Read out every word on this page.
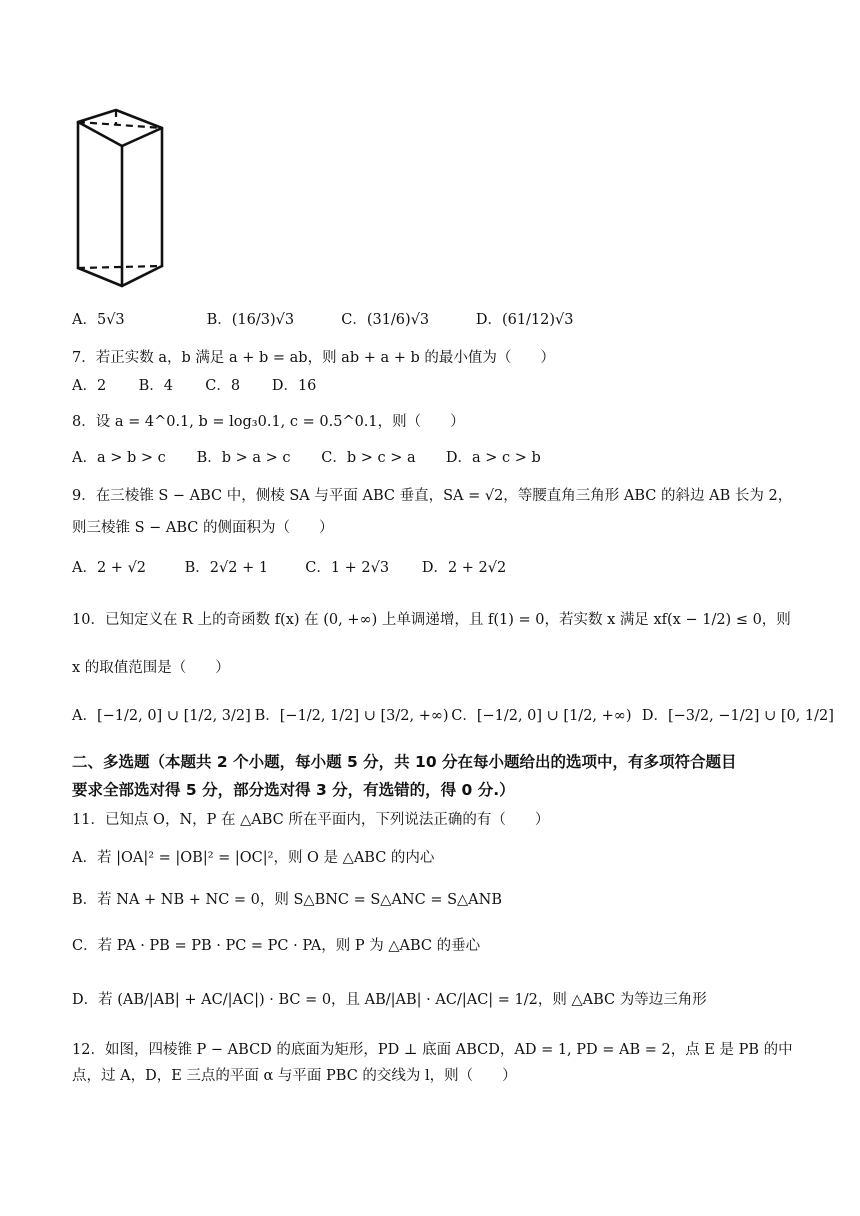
A．5√3	B．(16/3)√3	C．(31/6)√3	D．(61/12)√3
7．若正实数 a，b 满足 a + b = ab，则 ab + a + b 的最小值为（　　）
A．2 B．4 C．8 D．16
8．设 a = 4^0.1, b = log₃0.1, c = 0.5^0.1，则（　　）
A．a > b > c B．b > a > c C．b > c > a D．a > c > b
9．在三棱锥 S − ABC 中，侧棱 SA 与平面 ABC 垂直，SA = √2，等腰直角三角形 ABC 的斜边 AB 长为 2，
则三棱锥 S − ABC 的侧面积为（　　）
A．2 + √2	B．2√2 + 1	C．1 + 2√3 D．2 + 2√2
10．已知定义在 R 上的奇函数 f(x) 在 (0, +∞) 上单调递增，且 f(1) = 0，若实数 x 满足 xf(x − 1/2) ≤ 0，则
x 的取值范围是（　　）
A．[−1/2, 0] ∪ [1/2, 3/2] B．[−1/2, 1/2] ∪ [3/2, +∞) C．[−1/2, 0] ∪ [1/2, +∞) D．[−3/2, −1/2] ∪ [0, 1/2]
二、多选题（本题共 2 个小题，每小题 5 分，共 10 分在每小题给出的选项中，有多项符合题目
要求全部选对得 5 分，部分选对得 3 分，有选错的，得 0 分.）
11．已知点 O，N，P 在 △ABC 所在平面内，下列说法正确的有（　　）
A．若 |OA|² = |OB|² = |OC|²，则 O 是 △ABC 的内心
B．若 NA + NB + NC = 0，则 S△BNC = S△ANC = S△ANB
C．若 PA · PB = PB · PC = PC · PA，则 P 为 △ABC 的垂心
D．若 (AB/|AB| + AC/|AC|) · BC = 0，且 AB/|AB| · AC/|AC| = 1/2，则 △ABC 为等边三角形
12．如图，四棱锥 P − ABCD 的底面为矩形，PD ⊥ 底面 ABCD，AD = 1, PD = AB = 2，点 E 是 PB 的中
点，过 A，D，E 三点的平面 α 与平面 PBC 的交线为 l，则（　　）
